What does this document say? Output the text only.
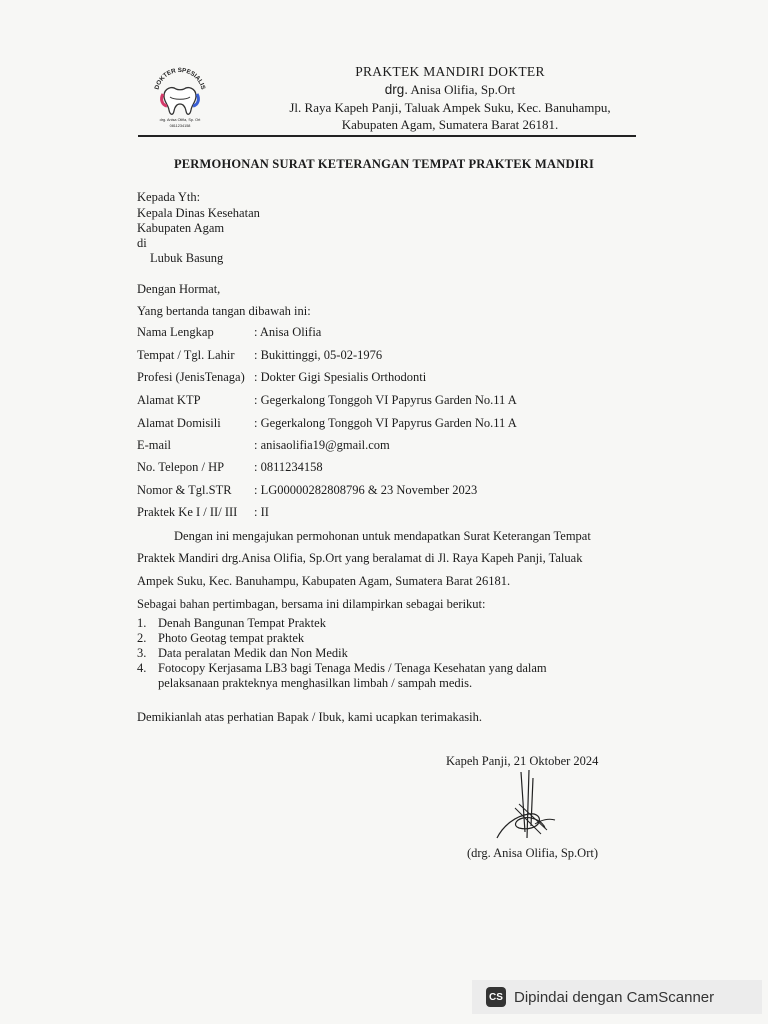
DOKTER SPESIALIS
drg. Anisa Olifia, Sp. Ort
0811234158
PRAKTEK MANDIRI DOKTER
drg. Anisa Olifia, Sp.Ort
Jl. Raya Kapeh Panji, Taluak Ampek Suku, Kec. Banuhampu,
Kabupaten Agam, Sumatera Barat 26181.
PERMOHONAN SURAT KETERANGAN TEMPAT PRAKTEK MANDIRI
Kepada Yth:
Kepala Dinas Kesehatan
Kabupaten Agam
di
Lubuk Basung
Dengan Hormat,
Yang bertanda tangan dibawah ini:
Nama Lengkap	: Anisa Olifia
Tempat / Tgl. Lahir : Bukittinggi, 05-02-1976
Profesi (JenisTenaga) : Dokter Gigi Spesialis Orthodonti
Alamat KTP	: Gegerkalong Tonggoh VI Papyrus Garden No.11 A
Alamat Domisili	: Gegerkalong Tonggoh VI Papyrus Garden No.11 A
E-mail	: anisaolifia19@gmail.com
No. Telepon / HP : 0811234158
Nomor & Tgl.STR : LG00000282808796 & 23 November 2023
Praktek Ke I / II/ III : II
Dengan ini mengajukan permohonan untuk mendapatkan Surat Keterangan Tempat
Praktek Mandiri drg.Anisa Olifia, Sp.Ort yang beralamat di Jl. Raya Kapeh Panji, Taluak
Ampek Suku, Kec. Banuhampu, Kabupaten Agam, Sumatera Barat 26181.
Sebagai bahan pertimbagan, bersama ini dilampirkan sebagai berikut:
1. Denah Bangunan Tempat Praktek
2. Photo Geotag tempat praktek
3. Data peralatan Medik dan Non Medik
4. Fotocopy Kerjasama LB3 bagi Tenaga Medis / Tenaga Kesehatan yang dalam
pelaksanaan prakteknya menghasilkan limbah / sampah medis.
Demikianlah atas perhatian Bapak / Ibuk, kami ucapkan terimakasih.
Kapeh Panji, 21 Oktober 2024
(drg. Anisa Olifia, Sp.Ort)
CS Dipindai dengan CamScanner
